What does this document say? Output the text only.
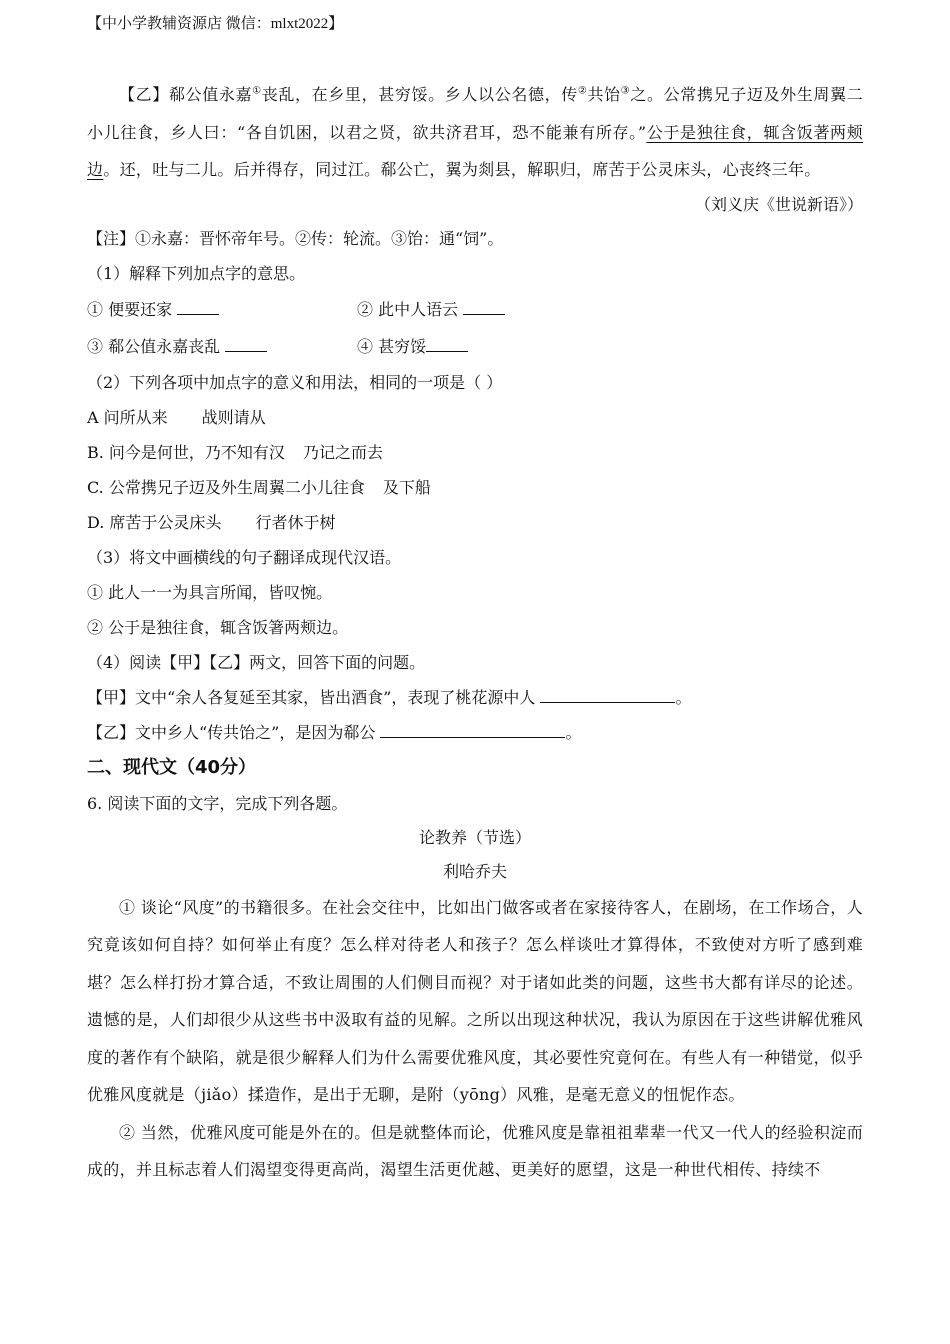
【中小学教辅资源店 微信：mlxt2022】

【乙】郗公值永嘉①丧乱，在乡里，甚穷馁。乡人以公名德，传②共饴③之。公常携兄子迈及外生周翼二小儿往食，乡人曰：“各自饥困，以君之贤，欲共济君耳，恐不能兼有所存。”公于是独往食，辄含饭著两颊边。还，吐与二儿。后并得存，同过江。郗公亡，翼为剡县，解职归，席苦于公灵床头，心丧终三年。

（刘义庆《世说新语》）

【注】①永嘉：晋怀帝年号。②传：轮流。③饴：通“饲”。

（1）解释下列加点字的意思。

① 便要还家	② 此中人语云
③ 郗公值永嘉丧乱	④ 甚穷馁

（2）下列各项中加点字的意义和用法，相同的一项是（ ）

A 问所从来 战则请从

B. 问今是何世，乃不知有汉 乃记之而去

C. 公常携兄子迈及外生周翼二小儿往食 及下船

D. 席苦于公灵床头 行者休于树

（3）将文中画横线的句子翻译成现代汉语。

① 此人一一为具言所闻，皆叹惋。

② 公于是独往食，辄含饭箸两颊边。

（4）阅读【甲】【乙】两文，回答下面的问题。

【甲】文中“余人各复延至其家，皆出酒食”，表现了桃花源中人	。

【乙】文中乡人“传共饴之”，是因为郗公	。

二、现代文（40分）

6. 阅读下面的文字，完成下列各题。

论教养（节选）

利哈乔夫

① 谈论“风度”的书籍很多。在社会交往中，比如出门做客或者在家接待客人，在剧场，在工作场合，人究竟该如何自持？如何举止有度？怎么样对待老人和孩子？怎么样谈吐才算得体，不致使对方听了感到难堪？怎么样打扮才算合适，不致让周围的人们侧目而视？对于诸如此类的问题，这些书大都有详尽的论述。遗憾的是，人们却很少从这些书中汲取有益的见解。之所以出现这种状况，我认为原因在于这些讲解优雅风度的著作有个缺陷，就是很少解释人们为什么需要优雅风度，其必要性究竟何在。有些人有一种错觉，似乎优雅风度就是（jiǎo）揉造作，是出于无聊，是附（yōng）风雅，是毫无意义的忸怩作态。

② 当然，优雅风度可能是外在的。但是就整体而论，优雅风度是靠祖祖辈辈一代又一代人的经验积淀而成的，并且标志着人们渴望变得更高尚，渴望生活更优越、更美好的愿望，这是一种世代相传、持续不
